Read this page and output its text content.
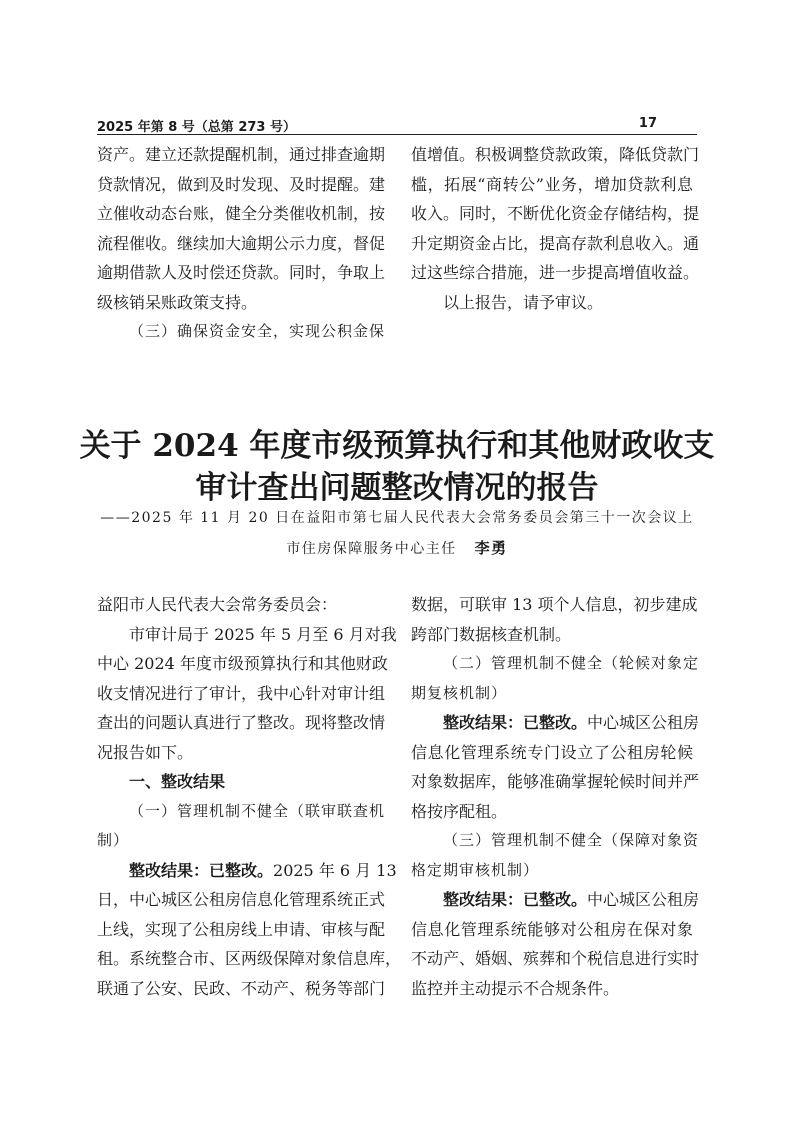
2025 年第 8 号（总第 273 号）	17
资产。建立还款提醒机制，通过排查逾期
贷款情况，做到及时发现、及时提醒。建
立催收动态台账，健全分类催收机制，按
流程催收。继续加大逾期公示力度，督促
逾期借款人及时偿还贷款。同时，争取上
级核销呆账政策支持。
（三）确保资金安全，实现公积金保
值增值。积极调整贷款政策，降低贷款门
槛，拓展“商转公”业务，增加贷款利息
收入。同时，不断优化资金存储结构，提
升定期资金占比，提高存款利息收入。通
过这些综合措施，进一步提高增值收益。
以上报告，请予审议。
关于 2024 年度市级预算执行和其他财政收支
审计查出问题整改情况的报告
——2025 年 11 月 20 日在益阳市第七届人民代表大会常务委员会第三十一次会议上
市住房保障服务中心主任 李勇
益阳市人民代表大会常务委员会：
市审计局于 2025 年 5 月至 6 月对我
中心 2024 年度市级预算执行和其他财政
收支情况进行了审计，我中心针对审计组
查出的问题认真进行了整改。现将整改情
况报告如下。
一、整改结果
（一）管理机制不健全（联审联查机
制）
整改结果：已整改。2025 年 6 月 13
日，中心城区公租房信息化管理系统正式
上线，实现了公租房线上申请、审核与配
租。系统整合市、区两级保障对象信息库，
联通了公安、民政、不动产、税务等部门
数据，可联审 13 项个人信息，初步建成
跨部门数据核查机制。
（二）管理机制不健全（轮候对象定
期复核机制）
整改结果：已整改。中心城区公租房
信息化管理系统专门设立了公租房轮候
对象数据库，能够准确掌握轮候时间并严
格按序配租。
（三）管理机制不健全（保障对象资
格定期审核机制）
整改结果：已整改。中心城区公租房
信息化管理系统能够对公租房在保对象
不动产、婚姻、殡葬和个税信息进行实时
监控并主动提示不合规条件。
